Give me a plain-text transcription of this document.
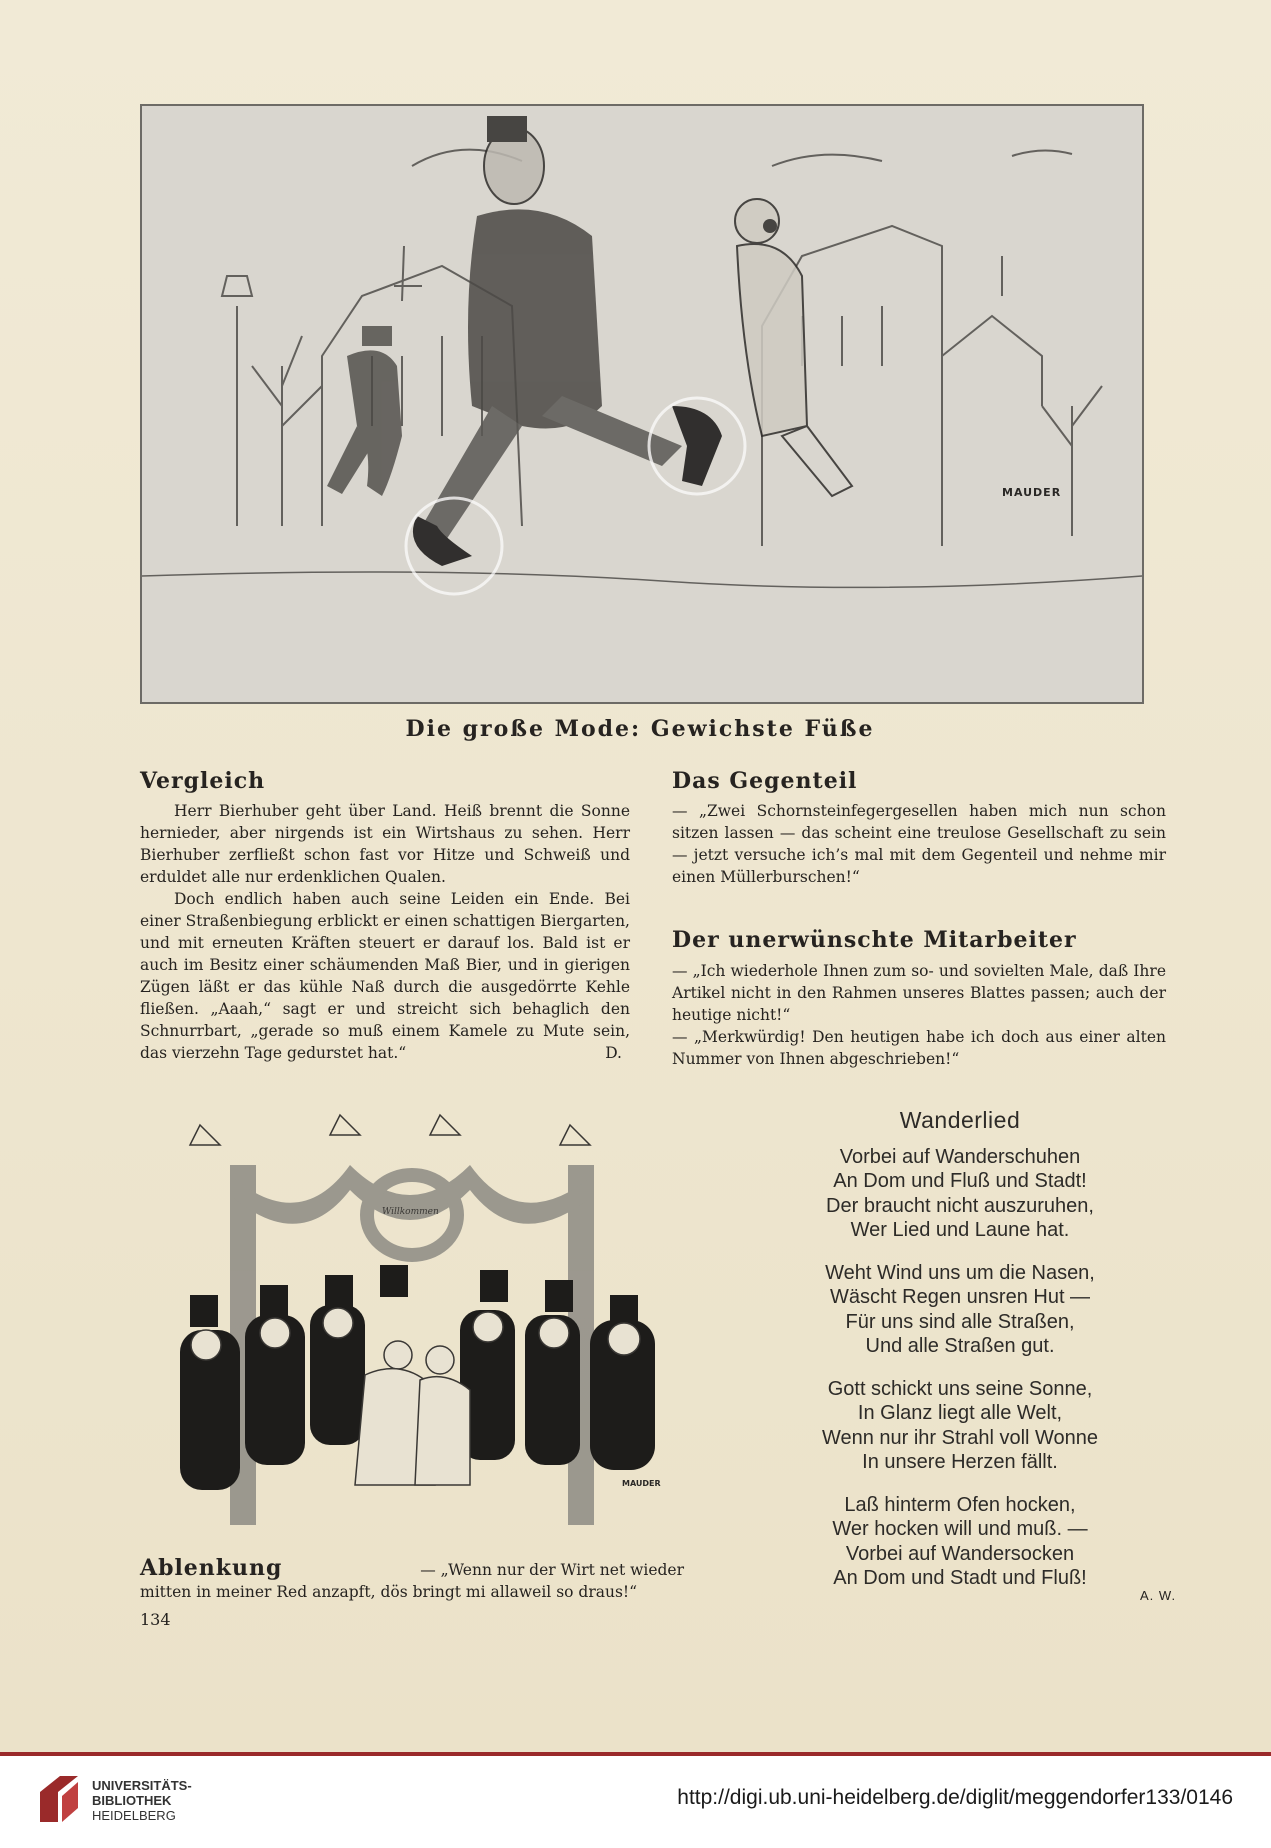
MAUDER
Die große Mode: Gewichste Füße
Vergleich

Herr Bierhuber geht über Land. Heiß brennt die Sonne hernieder, aber nirgends ist ein Wirtshaus zu sehen. Herr Bierhuber zerfließt schon fast vor Hitze und Schweiß und erduldet alle nur erdenklichen Qualen.

Doch endlich haben auch seine Leiden ein Ende. Bei einer Straßenbiegung erblickt er einen schattigen Biergarten, und mit erneuten Kräften steuert er darauf los. Bald ist er auch im Besitz einer schäumenden Maß Bier, und in gierigen Zügen läßt er das kühle Naß durch die ausgedörrte Kehle fließen. „Aaah,“ sagt er und streicht sich behaglich den Schnurrbart, „gerade so muß einem Kamele zu Mute sein, das vierzehn Tage gedurstet hat.“	D.

Das Gegenteil

— „Zwei Schornsteinfegergesellen haben mich nun schon sitzen lassen — das scheint eine treulose Gesellschaft zu sein — jetzt versuche ich’s mal mit dem Gegenteil und nehme mir einen Müllerburschen!“

Der unerwünschte Mitarbeiter

— „Ich wiederhole Ihnen zum so- und sovielten Male, daß Ihre Artikel nicht in den Rahmen unseres Blattes passen; auch der heutige nicht!“

— „Merkwürdig! Den heutigen habe ich doch aus einer alten Nummer von Ihnen abgeschrieben!“

Willkommen
MAUDER
Ablenkung	— „Wenn nur der Wirt net wieder
mitten in meiner Red anzapft, dös bringt mi allaweil so draus!“
134
Wanderlied
Vorbei auf Wanderschuhen
An Dom und Fluß und Stadt!
Der braucht nicht auszuruhen,
Wer Lied und Laune hat.
Weht Wind uns um die Nasen,
Wäscht Regen unsren Hut —
Für uns sind alle Straßen,
Und alle Straßen gut.
Gott schickt uns seine Sonne,
In Glanz liegt alle Welt,
Wenn nur ihr Strahl voll Wonne
In unsere Herzen fällt.
Laß hinterm Ofen hocken,
Wer hocken will und muß. —
Vorbei auf Wandersocken
An Dom und Stadt und Fluß!
A. W.
UNIVERSITÄTS-
BIBLIOTHEK
HEIDELBERG
http://digi.ub.uni-heidelberg.de/diglit/meggendorfer133/0146
